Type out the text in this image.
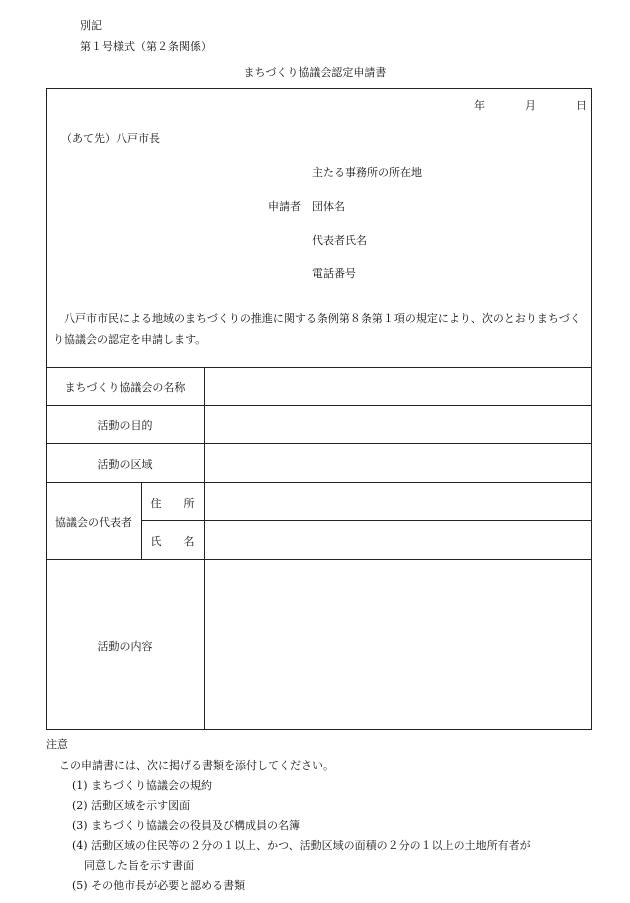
別記
第１号様式（第２条関係）
まちづくり協議会認定申請書
年	月	日
（あて先）八戸市長
主たる事務所の所在地
申請者 団体名
代表者氏名
電話番号
　八戸市市民による地域のまちづくりの推進に関する条例第８条第１項の規定により、次のとおりまちづくり協議会の認定を申請します。
まちづくり協議会の名称
活動の目的
活動の区域
協議会の代表者
住　　所
氏　　名
活動の内容
注意
この申請書には、次に掲げる書類を添付してください。
(1) まちづくり協議会の規約
(2) 活動区域を示す図面
(3) まちづくり協議会の役員及び構成員の名簿
(4) 活動区域の住民等の２分の１以上、かつ、活動区域の面積の２分の１以上の土地所有者が
同意した旨を示す書面
(5) その他市長が必要と認める書類
